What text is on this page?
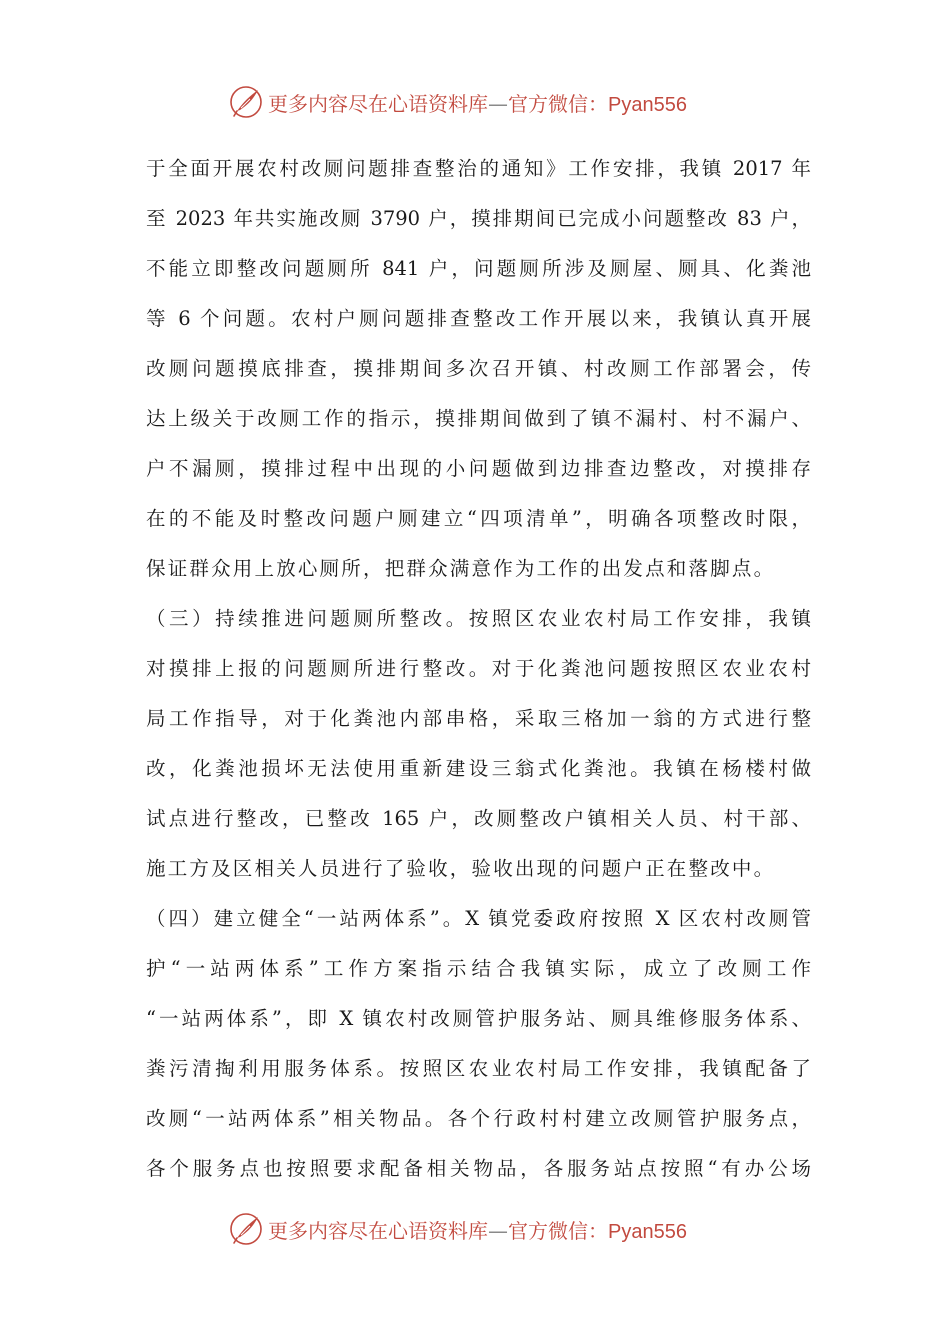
更多内容尽在心语资料库—官方微信：Pyan556
于全面开展农村改厕问题排查整治的通知》工作安排，我镇 2017 年
至 2023 年共实施改厕 3790 户，摸排期间已完成小问题整改 83 户，
不能立即整改问题厕所 841 户，问题厕所涉及厕屋、厕具、化粪池
等 6 个问题。农村户厕问题排查整改工作开展以来，我镇认真开展
改厕问题摸底排查，摸排期间多次召开镇、村改厕工作部署会，传
达上级关于改厕工作的指示，摸排期间做到了镇不漏村、村不漏户、
户不漏厕，摸排过程中出现的小问题做到边排查边整改，对摸排存
在的不能及时整改问题户厕建立“四项清单”，明确各项整改时限，
保证群众用上放心厕所，把群众满意作为工作的出发点和落脚点。
（三）持续推进问题厕所整改。按照区农业农村局工作安排，我镇
对摸排上报的问题厕所进行整改。对于化粪池问题按照区农业农村
局工作指导，对于化粪池内部串格，采取三格加一翁的方式进行整
改，化粪池损坏无法使用重新建设三翁式化粪池。我镇在杨楼村做
试点进行整改，已整改 165 户，改厕整改户镇相关人员、村干部、
施工方及区相关人员进行了验收，验收出现的问题户正在整改中。
（四）建立健全“一站两体系”。X 镇党委政府按照 X 区农村改厕管
护“一站两体系”工作方案指示结合我镇实际，成立了改厕工作
“一站两体系”，即 X 镇农村改厕管护服务站、厕具维修服务体系、
粪污清掏利用服务体系。按照区农业农村局工作安排，我镇配备了
改厕“一站两体系”相关物品。各个行政村村建立改厕管护服务点，
各个服务点也按照要求配备相关物品，各服务站点按照“有办公场
更多内容尽在心语资料库—官方微信：Pyan556
